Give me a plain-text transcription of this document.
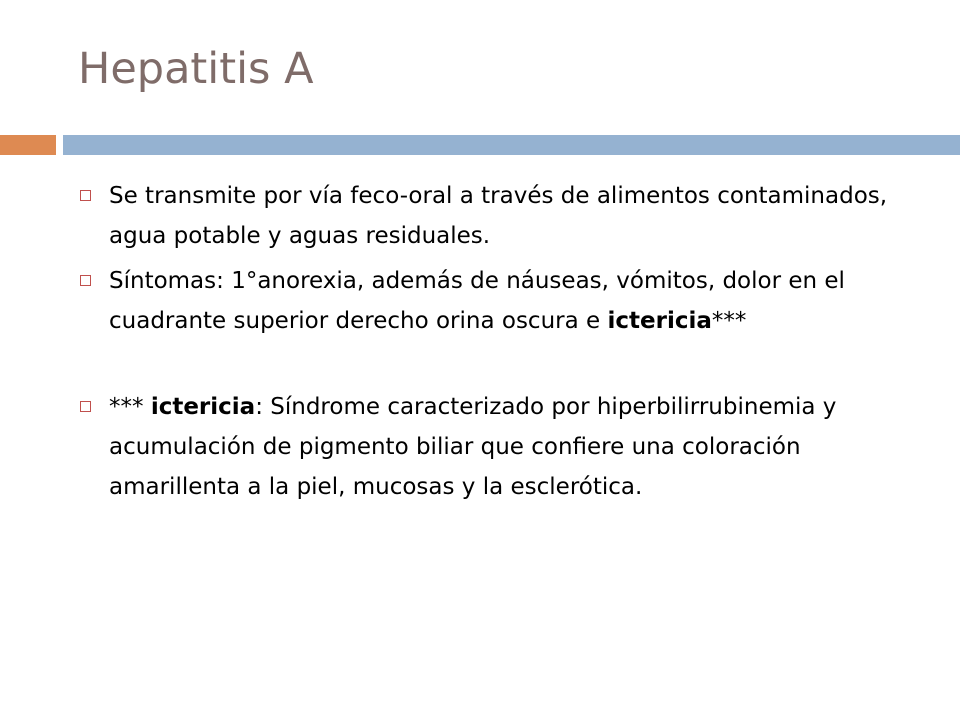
Hepatitis A
Se transmite por vía feco-oral a través de alimentos contaminados, agua potable y aguas residuales.
Síntomas: 1°anorexia, además de náuseas, vómitos, dolor en el cuadrante superior derecho orina oscura e ictericia***
*** ictericia: Síndrome caracterizado por hiperbilirrubinemia y acumulación de pigmento biliar que confiere una coloración amarillenta a la piel, mucosas y la esclerótica.
